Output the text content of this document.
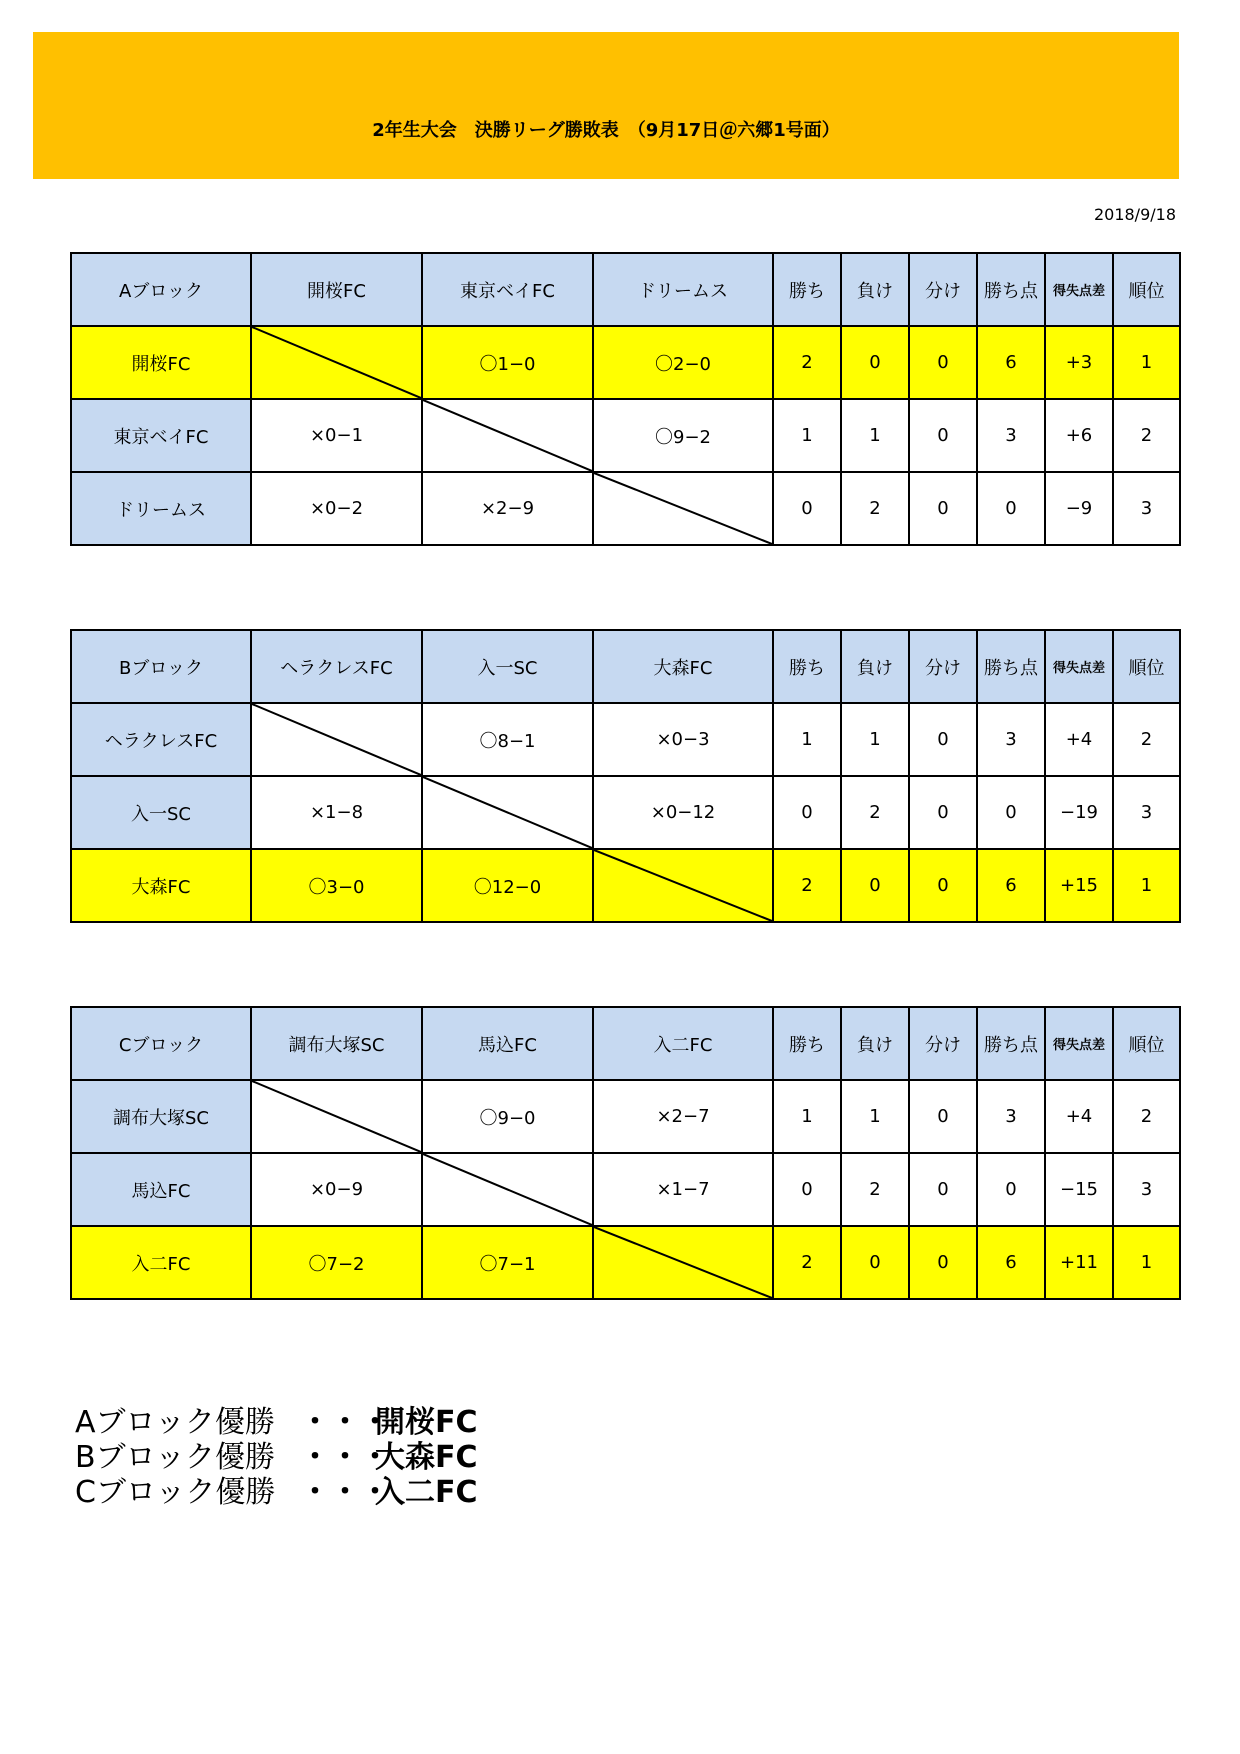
2年生大会　決勝リーグ勝敗表　（9月17日＠六郷1号面）
2018/9/18
Aブロック	開桜FC	東京ベイFC	ドリームス	勝ち	負け	分け	勝ち点	得失点差	順位
開桜FC		〇1−0	〇2−0	2	0	0	6	+3	1
東京ベイFC	×0−1		〇9−2	1	1	0	3	+6	2
ドリームス	×0−2	×2−9		0	2	0	0	−9	3
Bブロック	ヘラクレスFC	入一SC	大森FC	勝ち	負け	分け	勝ち点	得失点差	順位
ヘラクレスFC		〇8−1	×0−3	1	1	0	3	+4	2
入一SC	×1−8		×0−12	0	2	0	0	−19	3
大森FC	〇3−0	〇12−0		2	0	0	6	+15	1
Cブロック	調布大塚SC	馬込FC	入二FC	勝ち	負け	分け	勝ち点	得失点差	順位
調布大塚SC		〇9−0	×2−7	1	1	0	3	+4	2
馬込FC	×0−9		×1−7	0	2	0	0	−15	3
入二FC	〇7−2	〇7−1		2	0	0	6	+11	1
Aブロック優勝 ・・・開桜FC
Bブロック優勝 ・・・大森FC
Cブロック優勝 ・・・入二FC
